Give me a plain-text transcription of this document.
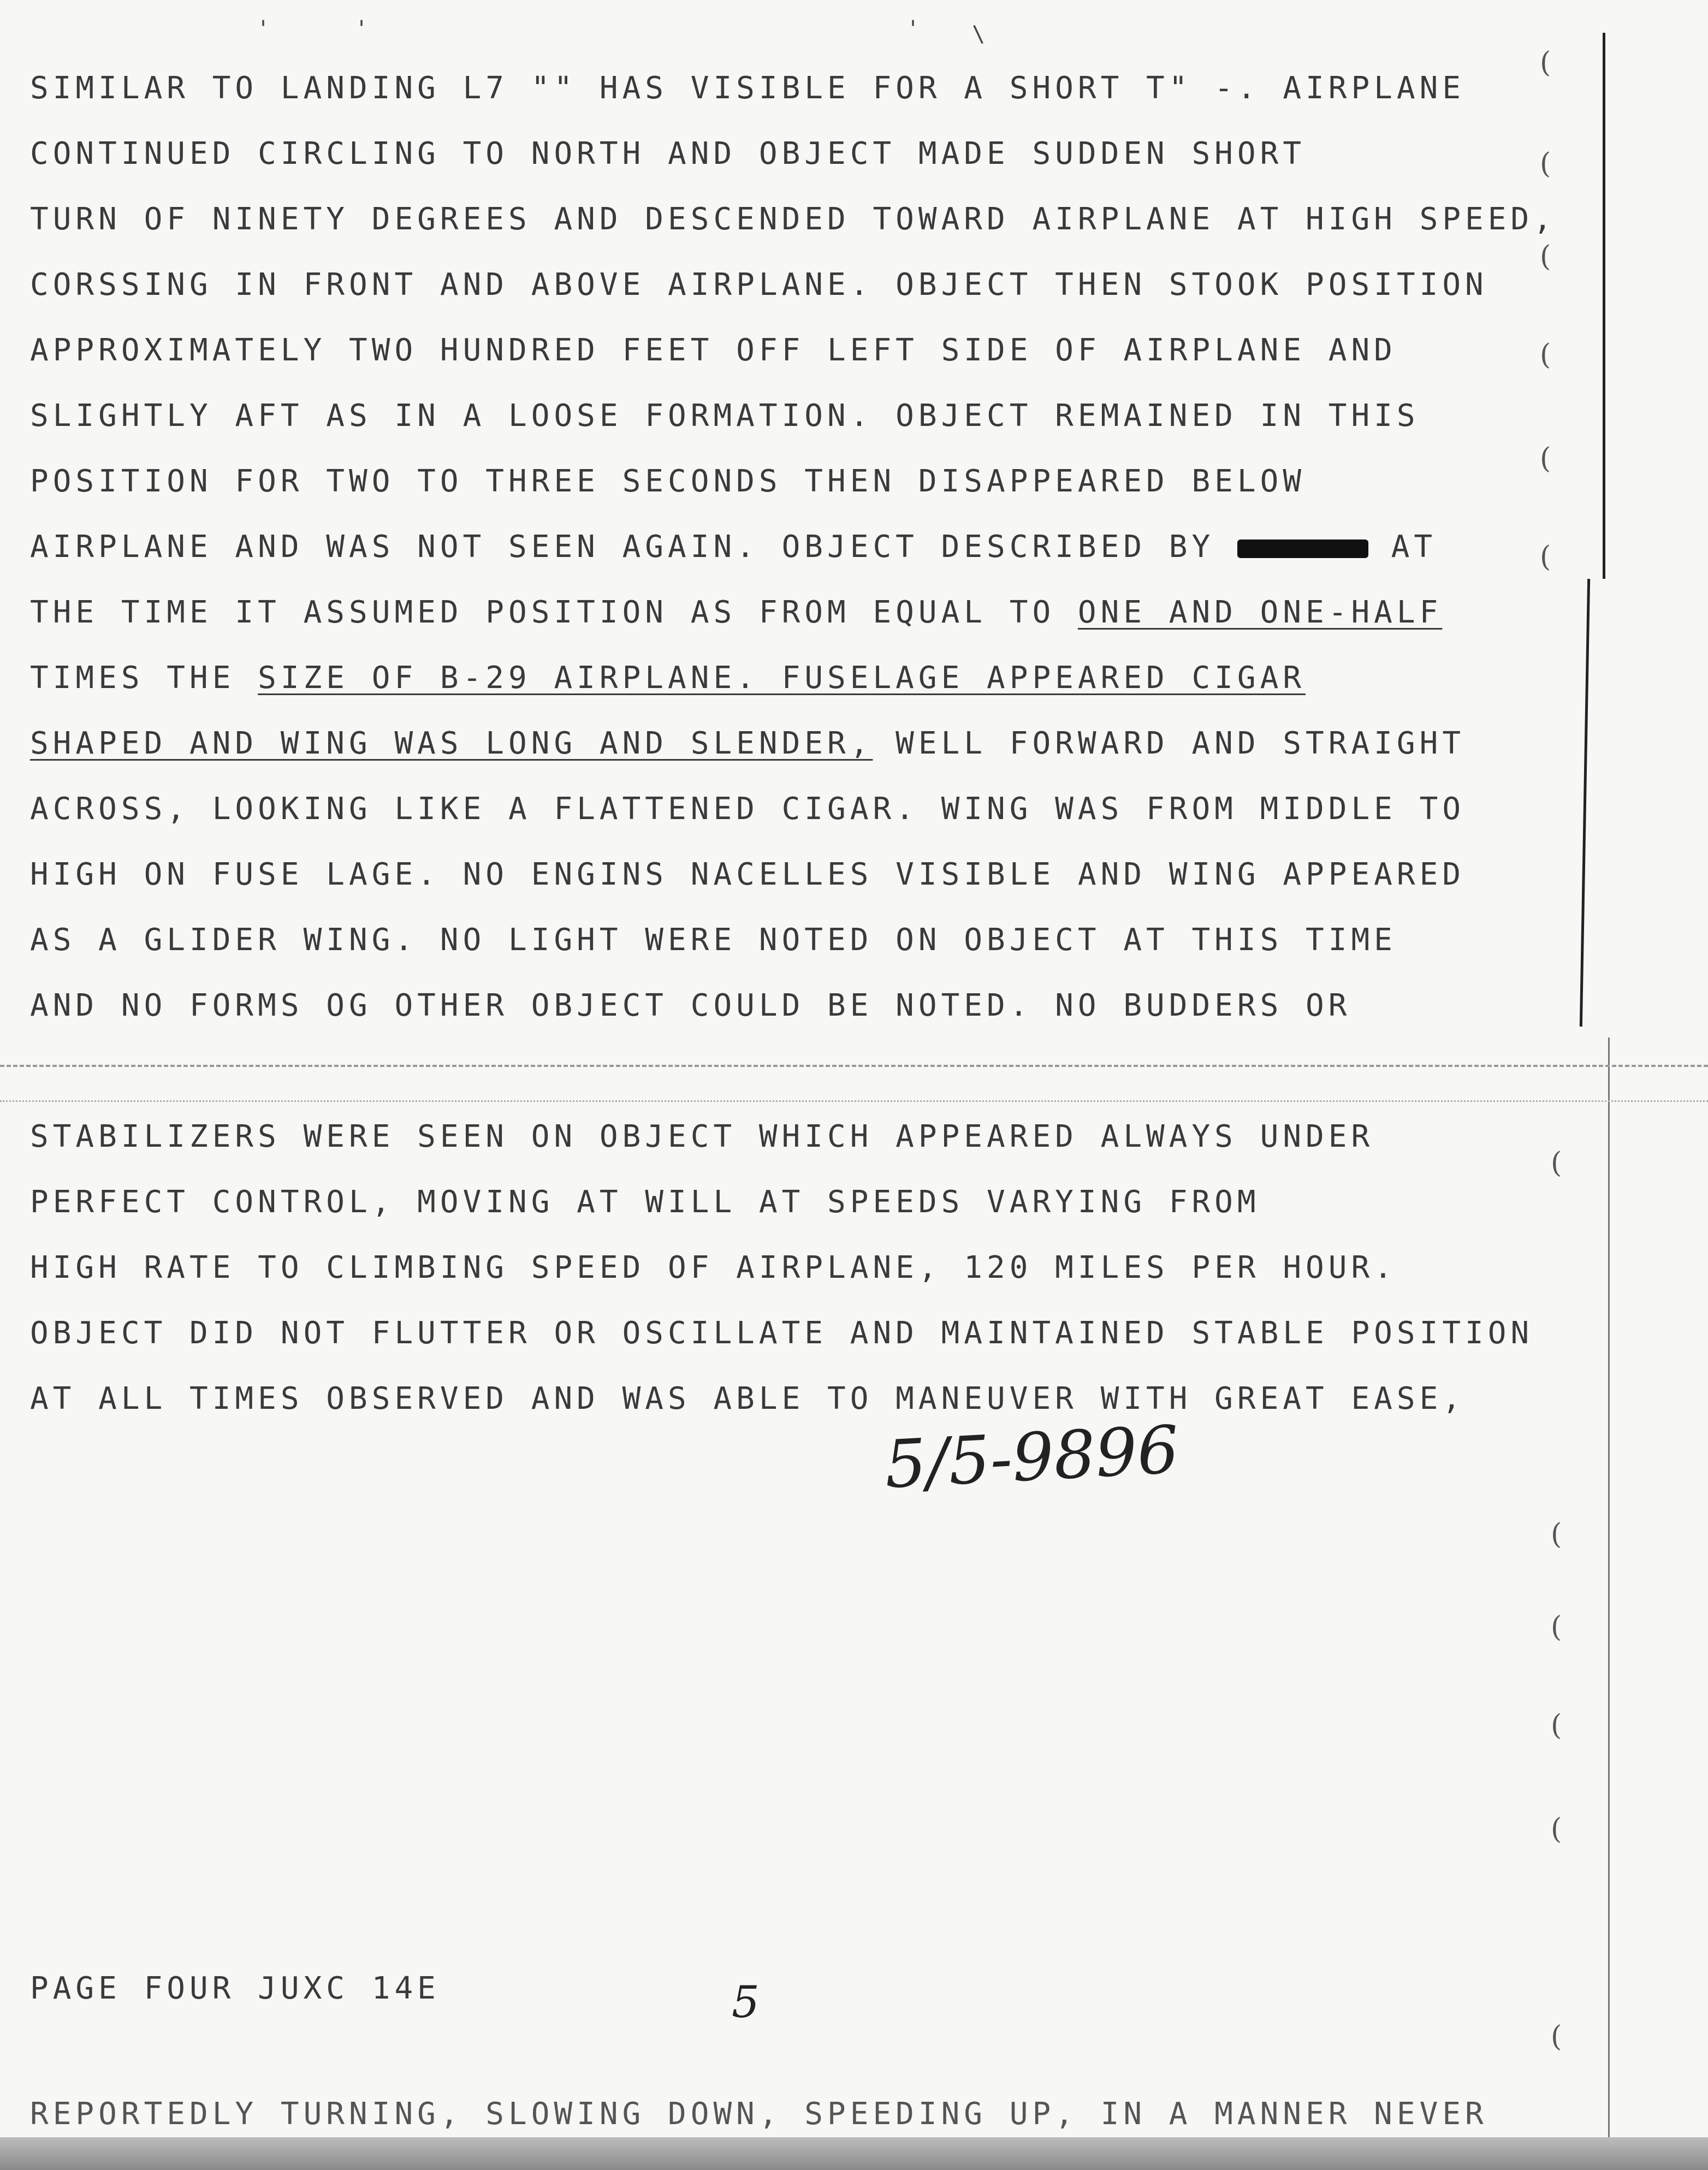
'	'	' \
(
(
(
(
(
(
(
(
(
(
(
(
SIMILAR TO LANDING L7 "" HAS VISIBLE FOR A SHORT T" -. AIRPLANE
CONTINUED CIRCLING TO NORTH AND OBJECT MADE SUDDEN SHORT
TURN OF NINETY DEGREES AND DESCENDED TOWARD AIRPLANE AT HIGH SPEED,
CORSSING IN FRONT AND ABOVE AIRPLANE. OBJECT THEN STOOK POSITION
APPROXIMATELY TWO HUNDRED FEET OFF LEFT SIDE OF AIRPLANE AND
SLIGHTLY AFT AS IN A LOOSE FORMATION. OBJECT REMAINED IN THIS
POSITION FOR TWO TO THREE SECONDS THEN DISAPPEARED BELOW
AIRPLANE AND WAS NOT SEEN AGAIN. OBJECT DESCRIBED BY	AT
THE TIME IT ASSUMED POSITION AS FROM EQUAL TO ONE AND ONE-HALF
TIMES THE SIZE OF B-29 AIRPLANE. FUSELAGE APPEARED CIGAR
SHAPED AND WING WAS LONG AND SLENDER, WELL FORWARD AND STRAIGHT
ACROSS, LOOKING LIKE A FLATTENED CIGAR. WING WAS FROM MIDDLE TO
HIGH ON FUSE LAGE. NO ENGINS NACELLES VISIBLE AND WING APPEARED
AS A GLIDER WING. NO LIGHT WERE NOTED ON OBJECT AT THIS TIME
AND NO FORMS OG OTHER OBJECT COULD BE NOTED. NO BUDDERS OR
STABILIZERS WERE SEEN ON OBJECT WHICH APPEARED ALWAYS UNDER
PERFECT CONTROL, MOVING AT WILL AT SPEEDS VARYING FROM
HIGH RATE TO CLIMBING SPEED OF AIRPLANE, 120 MILES PER HOUR.
OBJECT DID NOT FLUTTER OR OSCILLATE AND MAINTAINED STABLE POSITION
AT ALL TIMES OBSERVED AND WAS ABLE TO MANEUVER WITH GREAT EASE,
5/5-9896
PAGE FOUR JUXC 14E	5
REPORTEDLY TURNING, SLOWING DOWN, SPEEDING UP, IN A MANNER NEVER
